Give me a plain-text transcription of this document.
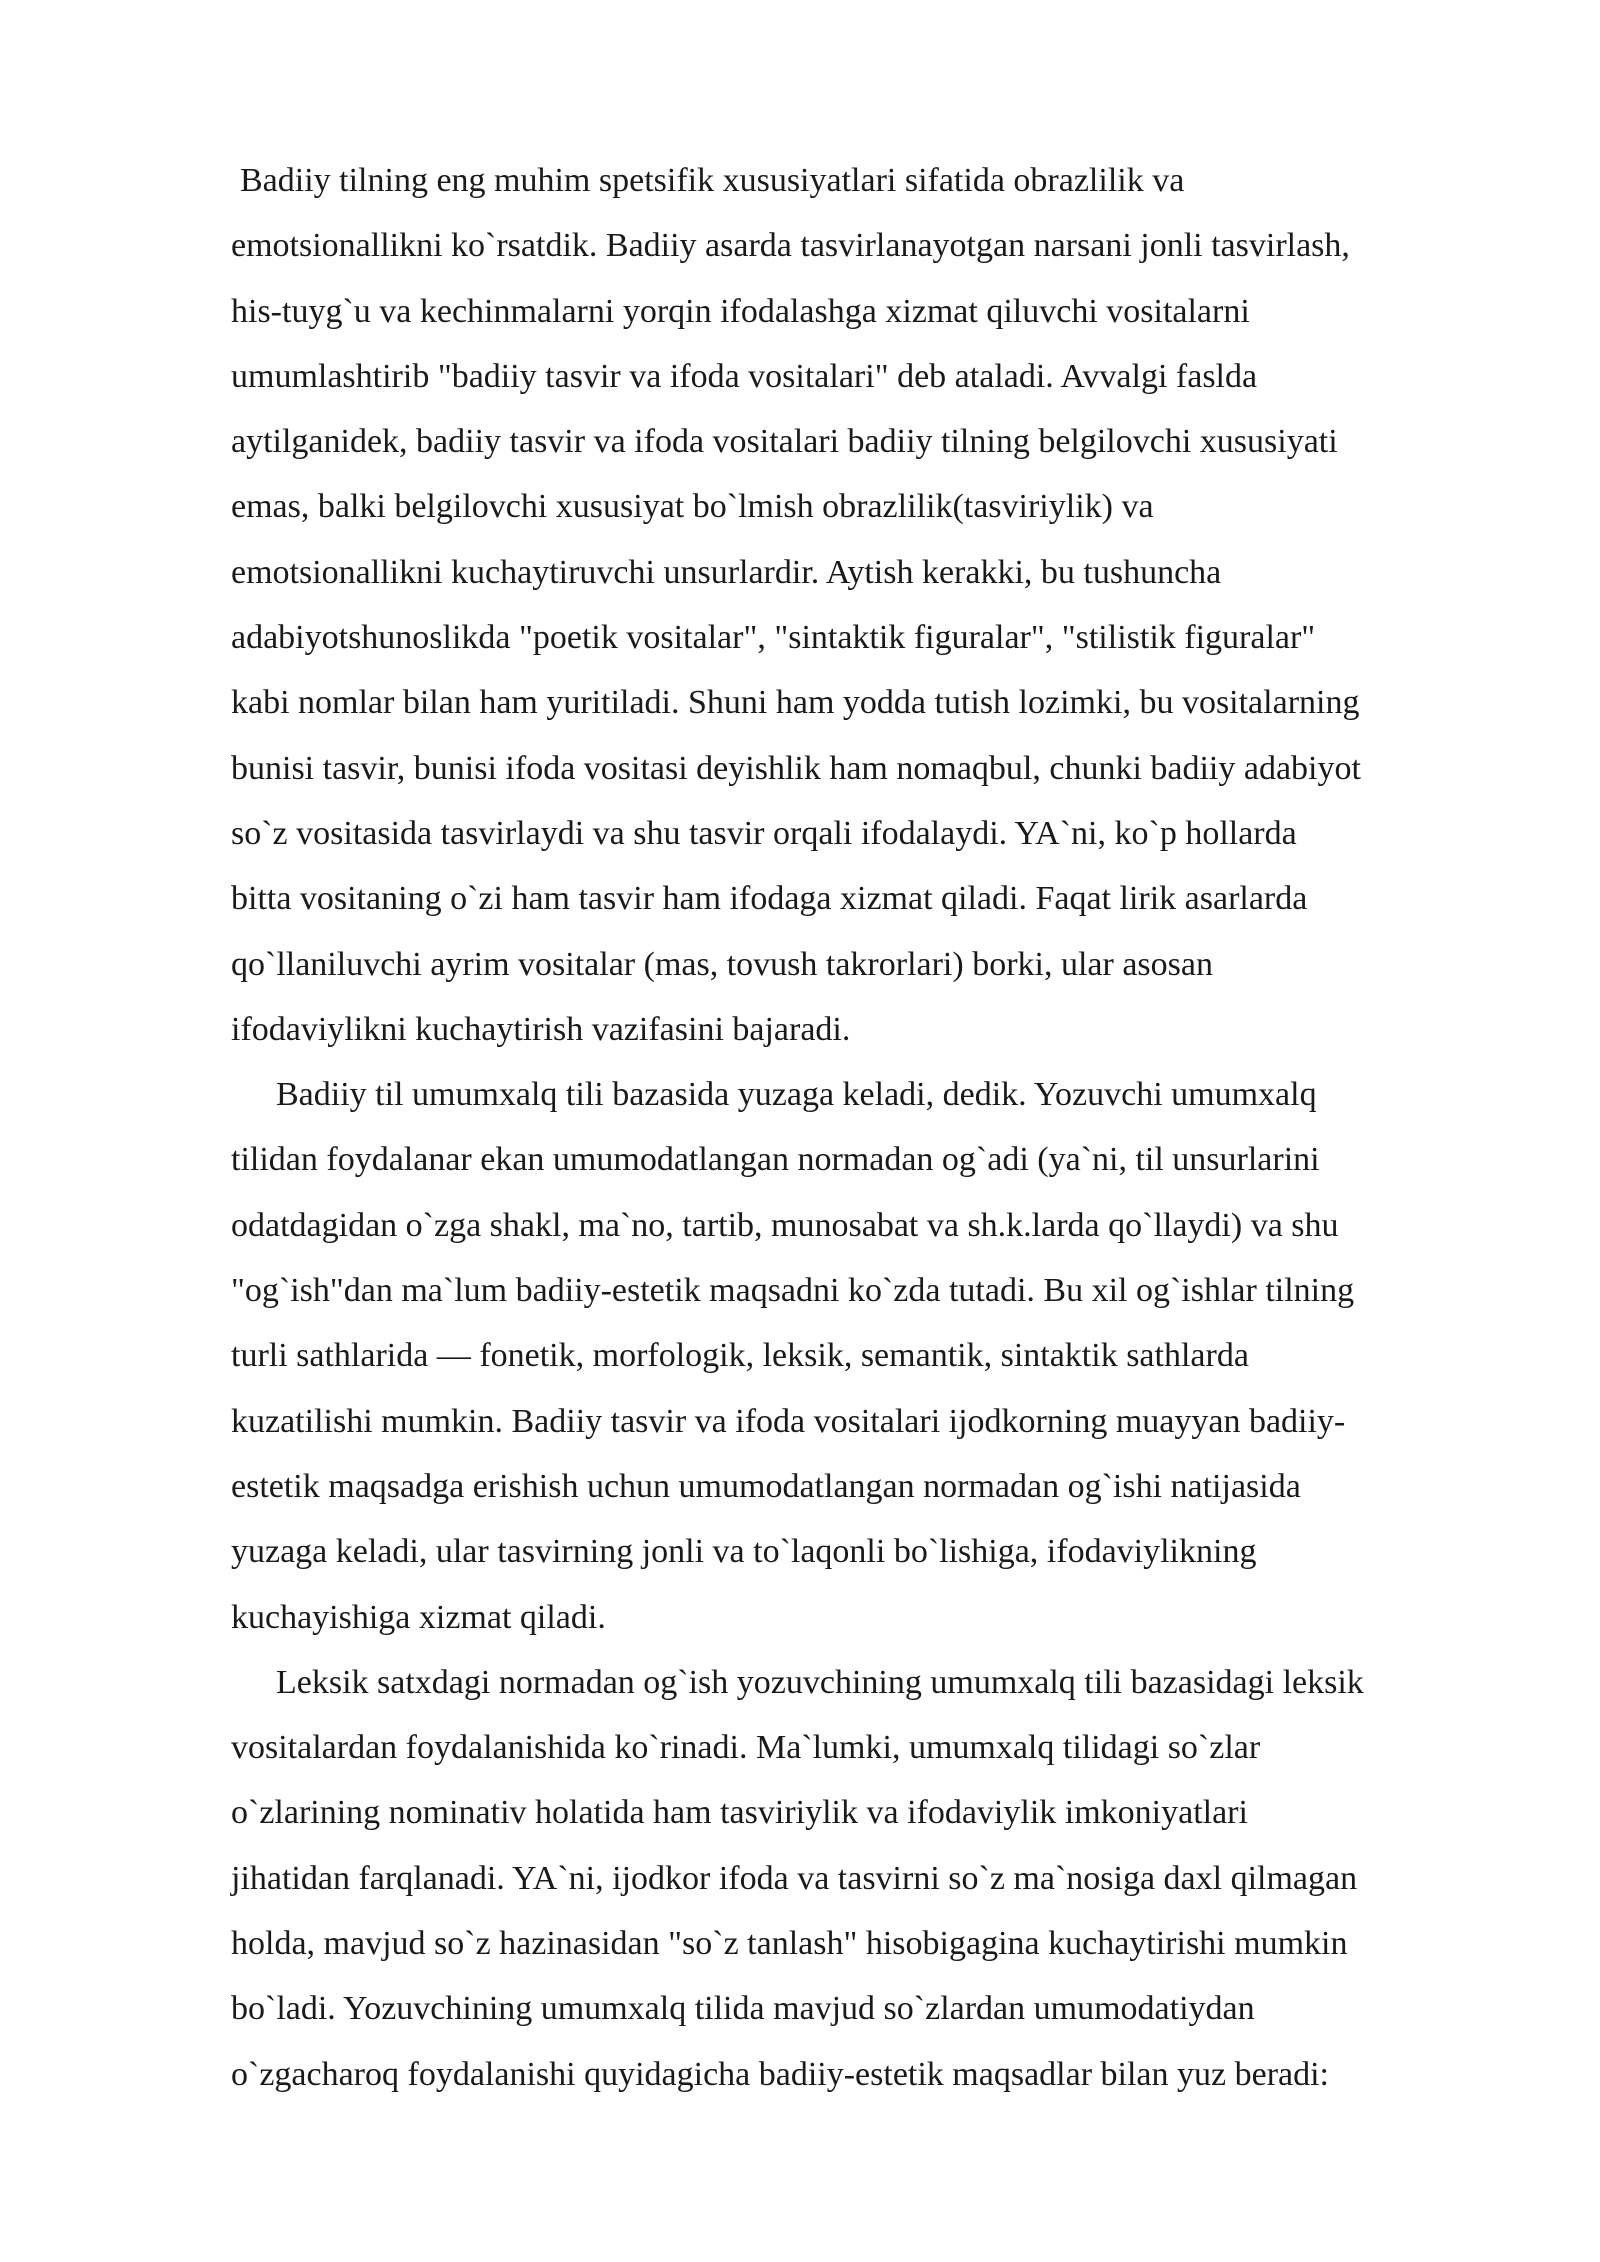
Badiiy tilning eng muhim spetsifik xususiyatlari sifatida obrazlilik va
emotsionallikni ko`rsatdik. Badiiy asarda tasvirlanayotgan narsani jonli tasvirlash,
his-tuyg`u va kechinmalarni yorqin ifodalashga xizmat qiluvchi vositalarni
umumlashtirib "badiiy tasvir va ifoda vositalari" deb ataladi. Avvalgi faslda
aytilganidek, badiiy tasvir va ifoda vositalari badiiy tilning belgilovchi xususiyati
emas, balki belgilovchi xususiyat bo`lmish obrazlilik(tasviriylik) va
emotsionallikni kuchaytiruvchi unsurlardir. Aytish kerakki, bu tushuncha
adabiyotshunoslikda "poetik vositalar", "sintaktik figuralar", "stilistik figuralar"
kabi nomlar bilan ham yuritiladi. Shuni ham yodda tutish lozimki, bu vositalarning
bunisi tasvir, bunisi ifoda vositasi deyishlik ham nomaqbul, chunki badiiy adabiyot
so`z vositasida tasvirlaydi va shu tasvir orqali ifodalaydi. YA`ni, ko`p hollarda
bitta vositaning o`zi ham tasvir ham ifodaga xizmat qiladi. Faqat lirik asarlarda
qo`llaniluvchi ayrim vositalar (mas, tovush takrorlari) borki, ular asosan
ifodaviylikni kuchaytirish vazifasini bajaradi.
Badiiy til umumxalq tili bazasida yuzaga keladi, dedik. Yozuvchi umumxalq
tilidan foydalanar ekan umumodatlangan normadan og`adi (ya`ni, til unsurlarini
odatdagidan o`zga shakl, ma`no, tartib, munosabat va sh.k.larda qo`llaydi) va shu
"og`ish"dan ma`lum badiiy-estetik maqsadni ko`zda tutadi. Bu xil og`ishlar tilning
turli sathlarida — fonetik, morfologik, leksik, semantik, sintaktik sathlarda
kuzatilishi mumkin. Badiiy tasvir va ifoda vositalari ijodkorning muayyan badiiy-
estetik maqsadga erishish uchun umumodatlangan normadan og`ishi natijasida
yuzaga keladi, ular tasvirning jonli va to`laqonli bo`lishiga, ifodaviylikning
kuchayishiga xizmat qiladi.
Leksik satxdagi normadan og`ish yozuvchining umumxalq tili bazasidagi leksik
vositalardan foydalanishida ko`rinadi. Ma`lumki, umumxalq tilidagi so`zlar
o`zlarining nominativ holatida ham tasviriylik va ifodaviylik imkoniyatlari
jihatidan farqlanadi. YA`ni, ijodkor ifoda va tasvirni so`z ma`nosiga daxl qilmagan
holda, mavjud so`z hazinasidan "so`z tanlash" hisobigagina kuchaytirishi mumkin
bo`ladi. Yozuvchining umumxalq tilida mavjud so`zlardan umumodatiydan
o`zgacharoq foydalanishi quyidagicha badiiy-estetik maqsadlar bilan yuz beradi:
